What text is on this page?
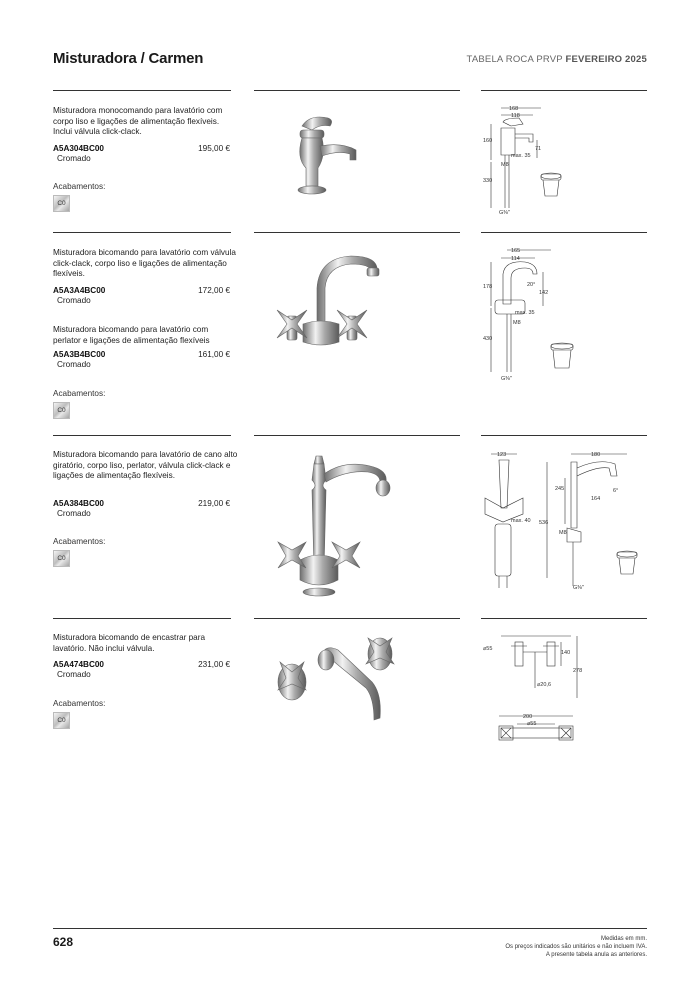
Misturadora / Carmen	TABELA ROCA PRVP FEVEREIRO 2025
Misturadora monocomando para lavatório com corpo liso e ligações de alimentação flexíveis. Inclui válvula click-clack.
A5A304BC00	195,00 €
Cromado
Acabamentos:
C0
168
118
160
71
M8
max. 35
330
G⅜"
Misturadora bicomando para lavatório com válvula click-clack, corpo liso e ligações de alimentação flexíveis.
A5A3A4BC00	172,00 €
Cromado
Misturadora bicomando para lavatório com perlator e ligações de alimentação flexíveis
A5A3B4BC00	161,00 €
Cromado
Acabamentos:
C0
165
114
178	20°
142
max. 35
M8
430
G⅜"
Misturadora bicomando para lavatório de cano alto giratório, corpo liso, perlator, válvula click-clack e ligações de alimentação flexíveis.
A5A384BC00	219,00 €
Cromado
Acabamentos:
C0
123	180
245
164
6°
max. 40 536
M8
G⅜"
Misturadora bicomando de encastrar para lavatório. Não inclui válvula.
A5A474BC00	231,00 €
Cromado
Acabamentos:
C0
⌀55
140
278
⌀20,6
200
⌀55
628	Medidas em mm.
Os preços indicados são unitários e não incluem IVA.
A presente tabela anula as anteriores.
